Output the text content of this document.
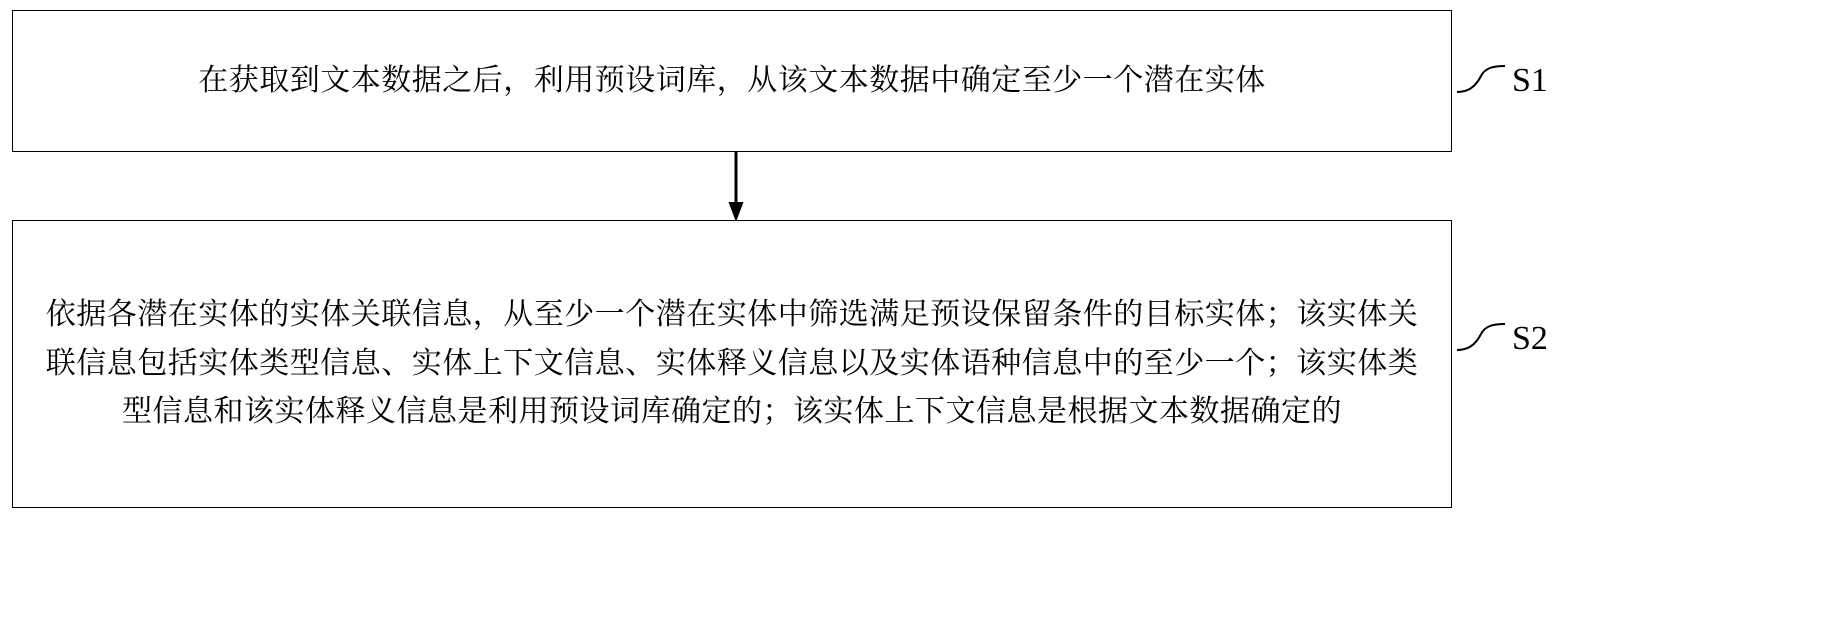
在获取到文本数据之后，利用预设词库，从该文本数据中确定至少一个潜在实体
依据各潜在实体的实体关联信息，从至少一个潜在实体中筛选满足预设保留条件的目标实体；该实体关联信息包括实体类型信息、实体上下文信息、实体释义信息以及实体语种信息中的至少一个；该实体类型信息和该实体释义信息是利用预设词库确定的；该实体上下文信息是根据文本数据确定的
S1
S2
